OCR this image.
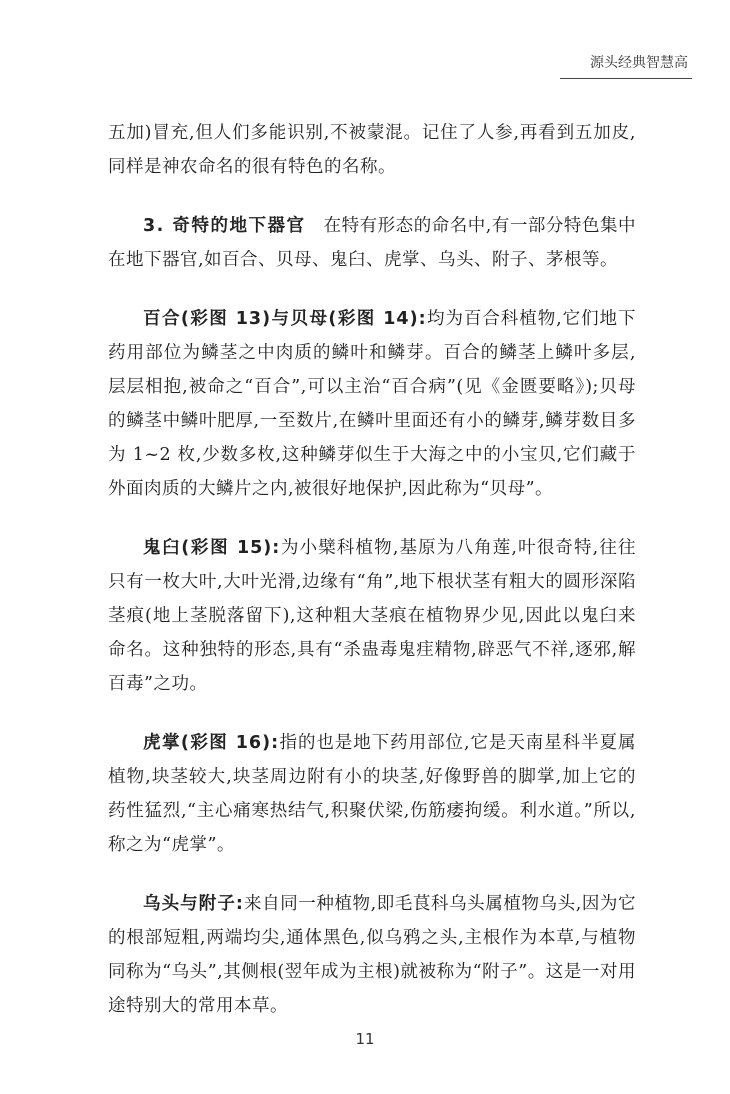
源头经典智慧高

五加)冒充,但人们多能识别,不被蒙混。记住了人参,再看到五加皮,同样是神农命名的很有特色的名称。

3. 奇特的地下器官  在特有形态的命名中,有一部分特色集中在地下器官,如百合、贝母、鬼臼、虎掌、乌头、附子、茅根等。

百合(彩图 13)与贝母(彩图 14):均为百合科植物,它们地下药用部位为鳞茎之中肉质的鳞叶和鳞芽。百合的鳞茎上鳞叶多层,层层相抱,被命之“百合”,可以主治“百合病”(见《金匮要略》);贝母的鳞茎中鳞叶肥厚,一至数片,在鳞叶里面还有小的鳞芽,鳞芽数目多为 1~2 枚,少数多枚,这种鳞芽似生于大海之中的小宝贝,它们藏于外面肉质的大鳞片之内,被很好地保护,因此称为“贝母”。

鬼臼(彩图 15):为小檗科植物,基原为八角莲,叶很奇特,往往只有一枚大叶,大叶光滑,边缘有“角”,地下根状茎有粗大的圆形深陷茎痕(地上茎脱落留下),这种粗大茎痕在植物界少见,因此以鬼臼来命名。这种独特的形态,具有“杀蛊毒鬼疰精物,辟恶气不祥,逐邪,解百毒”之功。

虎掌(彩图 16):指的也是地下药用部位,它是天南星科半夏属植物,块茎较大,块茎周边附有小的块茎,好像野兽的脚掌,加上它的药性猛烈,“主心痛寒热结气,积聚伏梁,伤筋痿拘缓。利水道。”所以,称之为“虎掌”。

乌头与附子:来自同一种植物,即毛茛科乌头属植物乌头,因为它的根部短粗,两端均尖,通体黑色,似乌鸦之头,主根作为本草,与植物同称为“乌头”,其侧根(翌年成为主根)就被称为“附子”。这是一对用途特别大的常用本草。

11
